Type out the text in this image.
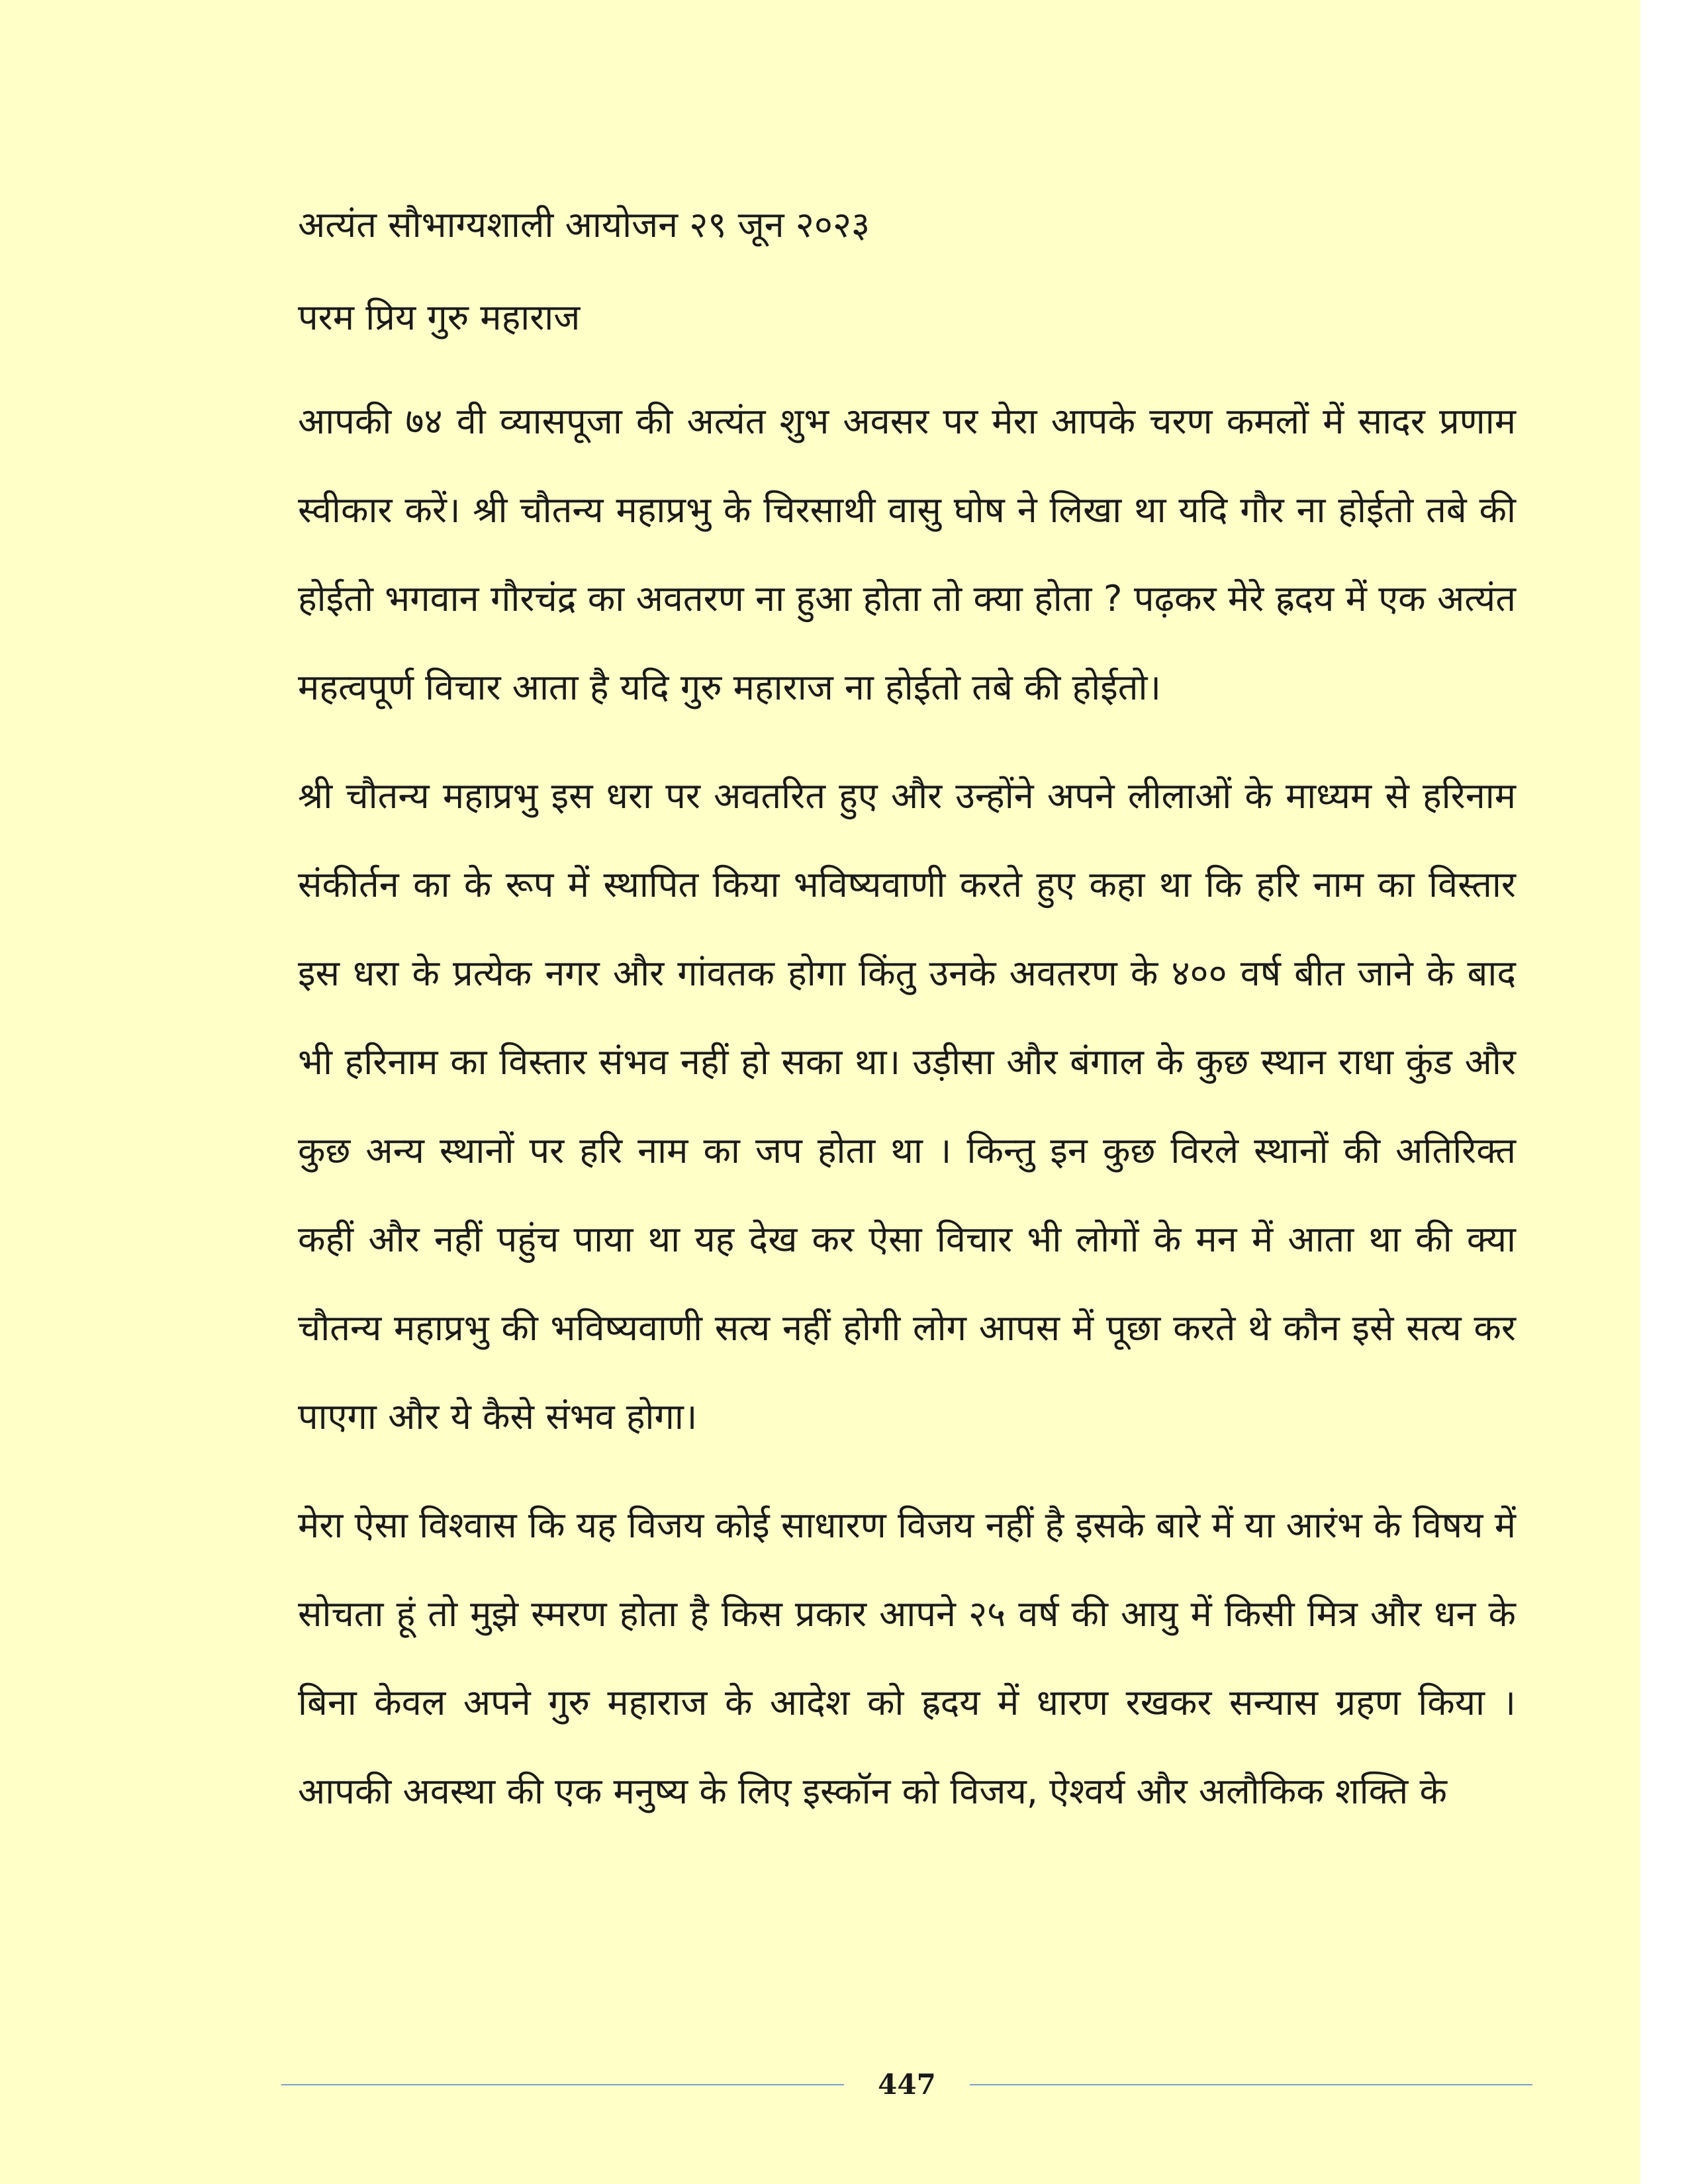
अत्यंत सौभाग्यशाली आयोजन २९ जून २०२३

परम प्रिय गुरु महाराज

आपकी ७४ वी व्यासपूजा की अत्यंत शुभ अवसर पर मेरा आपके चरण कमलों में सादर प्रणाम स्वीकार करें। श्री चौतन्य महाप्रभु के चिरसाथी वासु घोष ने लिखा था यदि गौर ना होईतो तबे की होईतो भगवान गौरचंद्र का अवतरण ना हुआ होता तो क्या होता ? पढ़कर मेरे ह्रदय में एक अत्यंत महत्वपूर्ण विचार आता है यदि गुरु महाराज ना होईतो तबे की होईतो।

श्री चौतन्य महाप्रभु इस धरा पर अवतरित हुए और उन्होंने अपने लीलाओं के माध्यम से हरिनाम संकीर्तन का के रूप में स्थापित किया भविष्यवाणी करते हुए कहा था कि हरि नाम का विस्तार इस धरा के प्रत्येक नगर और गांवतक होगा किंतु उनके अवतरण के ४०० वर्ष बीत जाने के बाद भी हरिनाम का विस्तार संभव नहीं हो सका था। उड़ीसा और बंगाल के कुछ स्थान राधा कुंड और कुछ अन्य स्थानों पर हरि नाम का जप होता था । किन्तु इन कुछ विरले स्थानों की अतिरिक्त कहीं और नहीं पहुंच पाया था यह देख कर ऐसा विचार भी लोगों के मन में आता था की क्या चौतन्य महाप्रभु की भविष्यवाणी सत्य नहीं होगी लोग आपस में पूछा करते थे कौन इसे सत्य कर पाएगा और ये कैसे संभव होगा।

मेरा ऐसा विश्वास कि यह विजय कोई साधारण विजय नहीं है इसके बारे में या आरंभ के विषय में सोचता हूं तो मुझे स्मरण होता है किस प्रकार आपने २५ वर्ष की आयु में किसी मित्र और धन के बिना केवल अपने गुरु महाराज के आदेश को ह्रदय में धारण रखकर सन्यास ग्रहण किया । आपकी अवस्था की एक मनुष्य के लिए इस्कॉन को विजय, ऐश्वर्य और अलौकिक शक्ति के

447
